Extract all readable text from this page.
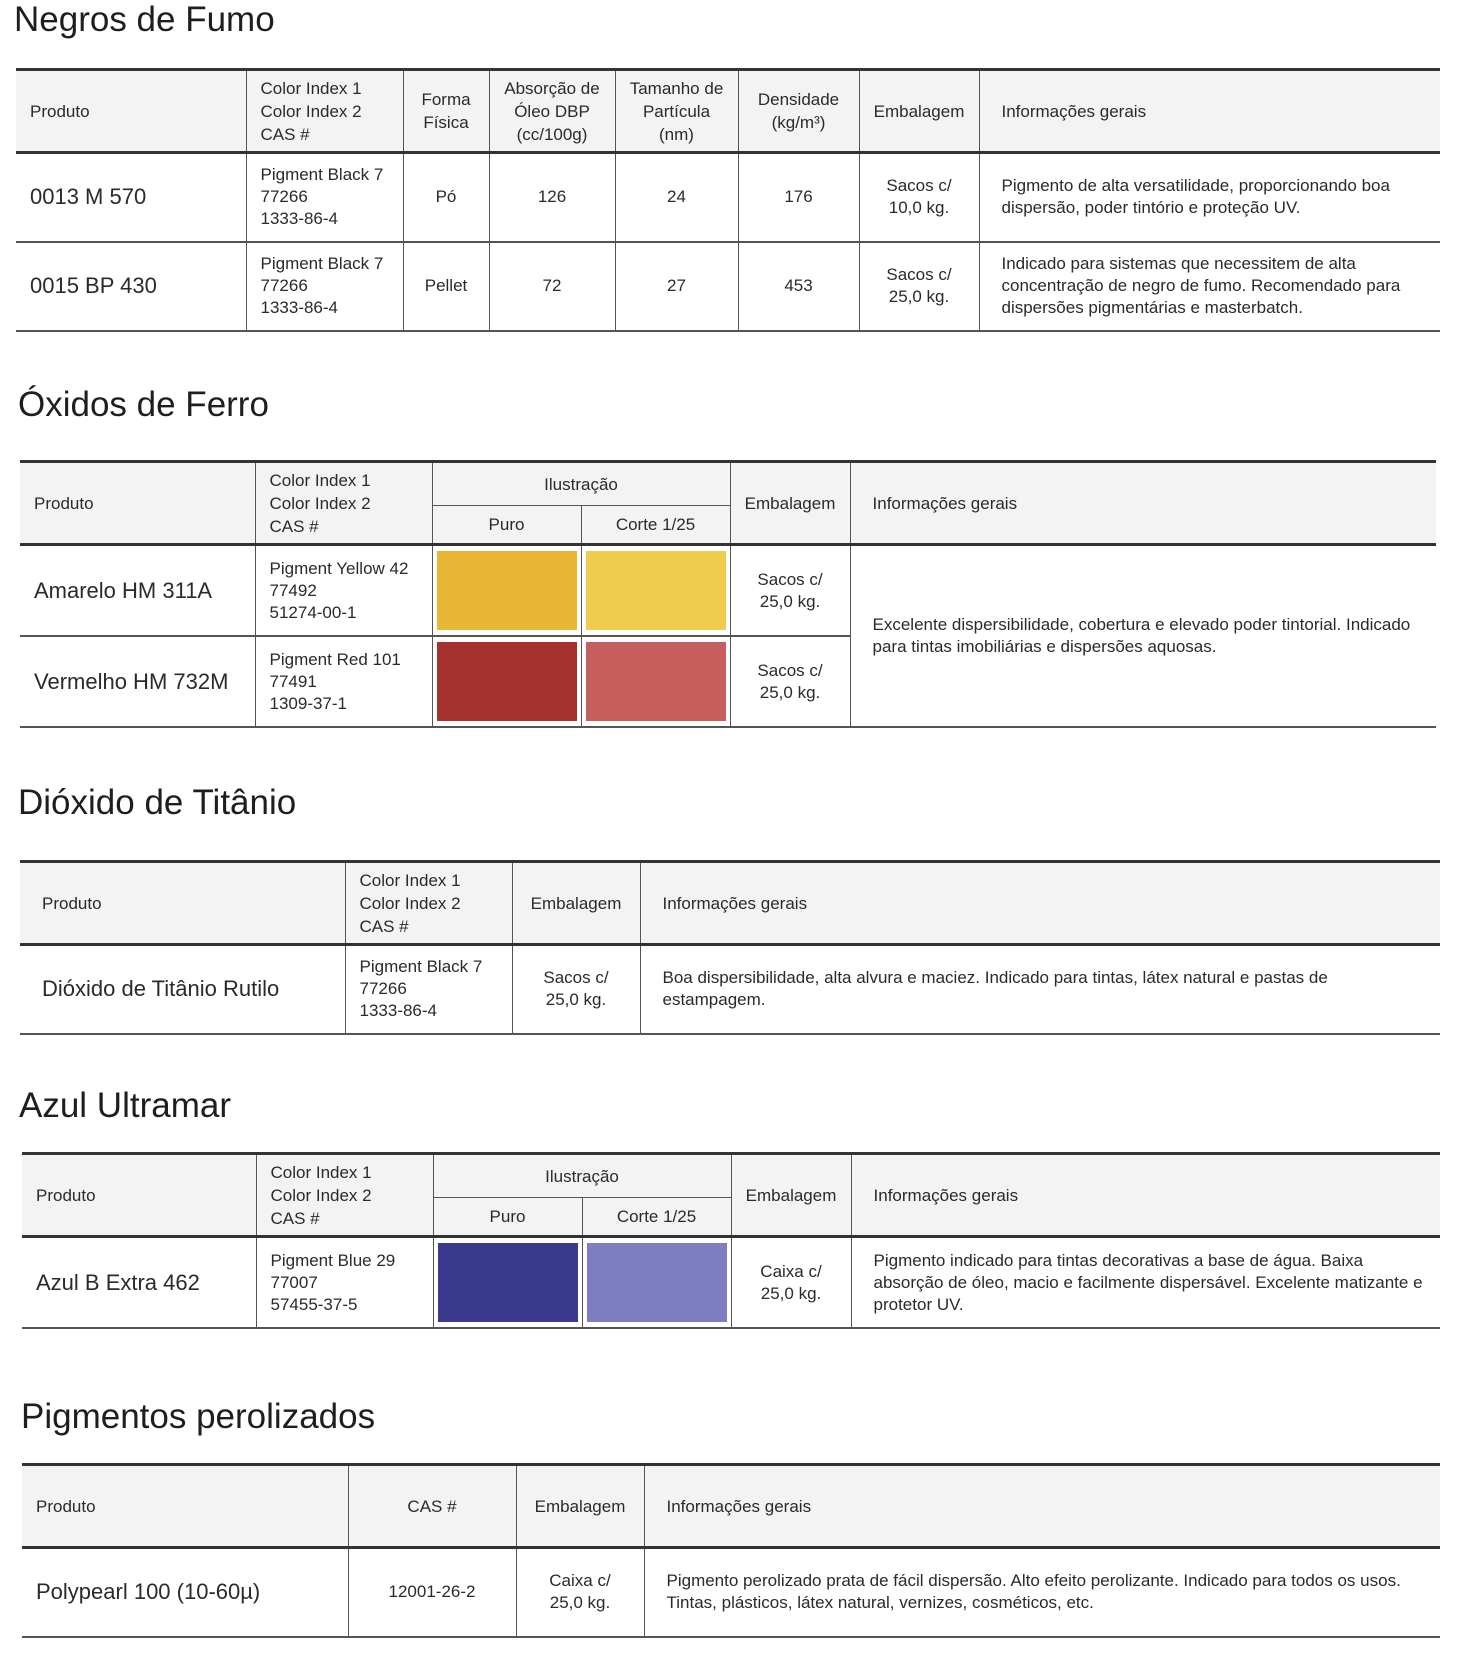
Negros de Fumo
Produto	Color Index 1
Color Index 2
CAS #	Forma
Física	Absorção de
Óleo DBP
(cc/100g)	Tamanho de
Partícula
(nm)	Densidade
(kg/m³)	Embalagem	Informações gerais
0013 M 570	Pigment Black 7
77266
1333-86-4	Pó	126	24	176	Sacos c/
10,0 kg.	Pigmento de alta versatilidade, proporcionando boa dispersão, poder tintório e proteção UV.
0015 BP 430	Pigment Black 7
77266
1333-86-4	Pellet	72	27	453	Sacos c/
25,0 kg.	Indicado para sistemas que necessitem de alta concentração de negro de fumo. Recomendado para dispersões pigmentárias e masterbatch.
Óxidos de Ferro
Produto	Color Index 1
Color Index 2
CAS #	Ilustração		Embalagem	Informações gerais
		Puro	Corte 1/25		
Amarelo HM 311A	Pigment Yellow 42
77492
51274-00-1			Sacos c/
25,0 kg.	Excelente dispersibilidade, cobertura e elevado poder tintorial. Indicado para tintas imobiliárias e dispersões aquosas.
Vermelho HM 732M	Pigment Red 101
77491
1309-37-1			Sacos c/
25,0 kg.	
Dióxido de Titânio
Produto	Color Index 1
Color Index 2
CAS #	Embalagem	Informações gerais
Dióxido de Titânio Rutilo	Pigment Black 7
77266
1333-86-4	Sacos c/
25,0 kg.	Boa dispersibilidade, alta alvura e maciez. Indicado para tintas, látex natural e pastas de estampagem.
Azul Ultramar
Produto	Color Index 1
Color Index 2
CAS #	Ilustração		Embalagem	Informações gerais
		Puro	Corte 1/25		
Azul B Extra 462	Pigment Blue 29
77007
57455-37-5			Caixa c/
25,0 kg.	Pigmento indicado para tintas decorativas a base de água. Baixa absorção de óleo, macio e facilmente dispersável. Excelente matizante e protetor UV.
Pigmentos perolizados
Produto	CAS #	Embalagem	Informações gerais
Polypearl 100 (10-60µ)	12001-26-2	Caixa c/
25,0 kg.	Pigmento perolizado prata de fácil dispersão. Alto efeito perolizante. Indicado para todos os usos. Tintas, plásticos, látex natural, vernizes, cosméticos, etc.
